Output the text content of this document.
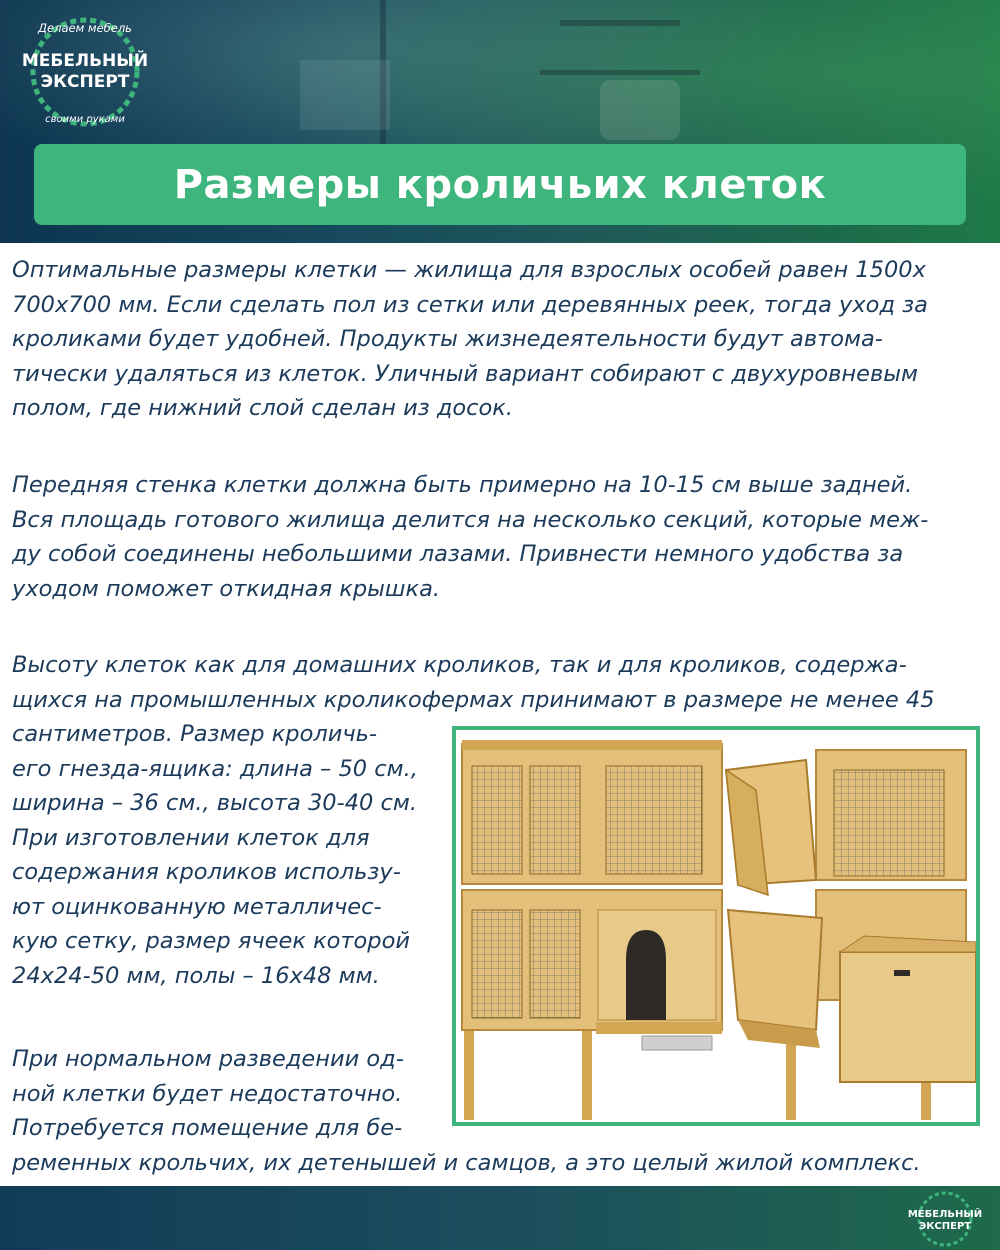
Делаем мебель
МЕБЕЛЬНЫЙ
ЭКСПЕРТ
своими руками
Размеры кроличьих клеток
Оптимальные размеры клетки — жилища для взрослых особей равен 1500х
700х700 мм. Если сделать пол из сетки или деревянных реек, тогда уход за
кроликами будет удобней. Продукты жизнедеятельности будут автома-
тически удаляться из клеток. Уличный вариант собирают с двухуровневым
полом, где нижний слой сделан из досок.
Передняя стенка клетки должна быть примерно на 10-15 см выше задней.
Вся площадь готового жилища делится на несколько секций, которые меж-
ду собой соединены небольшими лазами. Привнести немного удобства за
уходом поможет откидная крышка.
Высоту клеток как для домашних кроликов, так и для кроликов, содержа-
щихся на промышленных кроликофермах принимают в размере не менее 45
сантиметров. Размер кроличь-
его гнезда-ящика: длина – 50 см.,
ширина – 36 см., высота 30-40 см.
При изготовлении клеток для
содержания кроликов использу-
ют оцинкованную металличес-
кую сетку, размер ячеек которой
24х24-50 мм, полы – 16х48 мм.
При нормальном разведении од-
ной клетки будет недостаточно.
Потребуется помещение для бе-
ременных крольчих, их детенышей и самцов, а это целый жилой комплекс.
МЕБЕЛЬНЫЙ
ЭКСПЕРТ
